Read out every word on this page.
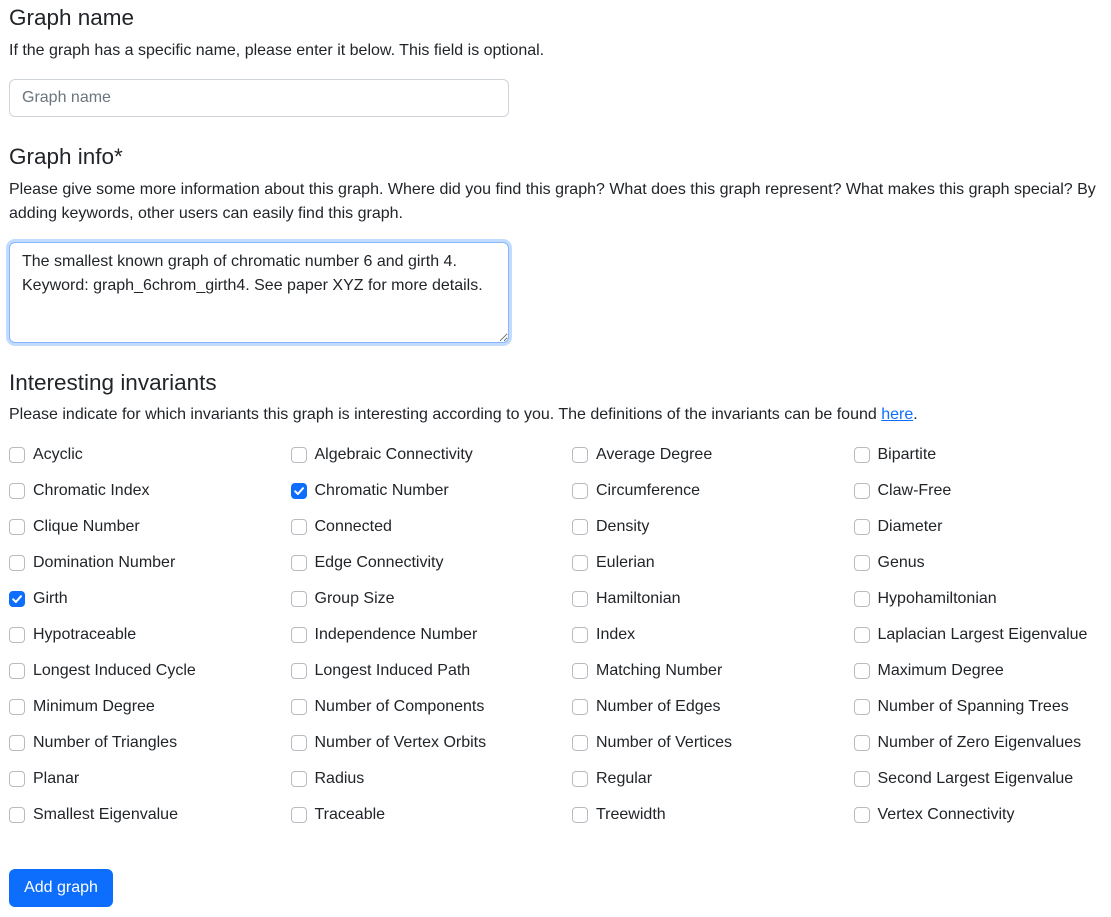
Graph name

If the graph has a specific name, please enter it below. This field is optional.

Graph name
Graph info*

Please give some more information about this graph. Where did you find this graph? What does this graph represent? What makes this graph special? By adding keywords, other users can easily find this graph.

The smallest known graph of chromatic number 6 and girth 4. Keyword: graph_6chrom_girth4. See paper XYZ for more details.
Interesting invariants

Please indicate for which invariants this graph is interesting according to you. The definitions of the invariants can be found here.

Acyclic	Algebraic Connectivity	Average Degree	Bipartite
Chromatic Index	Chromatic Number	Circumference	Claw-Free
Clique Number	Connected	Density	Diameter
Domination Number	Edge Connectivity	Eulerian	Genus
Girth	Group Size	Hamiltonian	Hypohamiltonian
Hypotraceable	Independence Number	Index	Laplacian Largest Eigenvalue
Longest Induced Cycle	Longest Induced Path	Matching Number	Maximum Degree
Minimum Degree	Number of Components	Number of Edges	Number of Spanning Trees
Number of Triangles	Number of Vertex Orbits	Number of Vertices	Number of Zero Eigenvalues
Planar	Radius	Regular	Second Largest Eigenvalue
Smallest Eigenvalue	Traceable	Treewidth	Vertex Connectivity
Add graph
